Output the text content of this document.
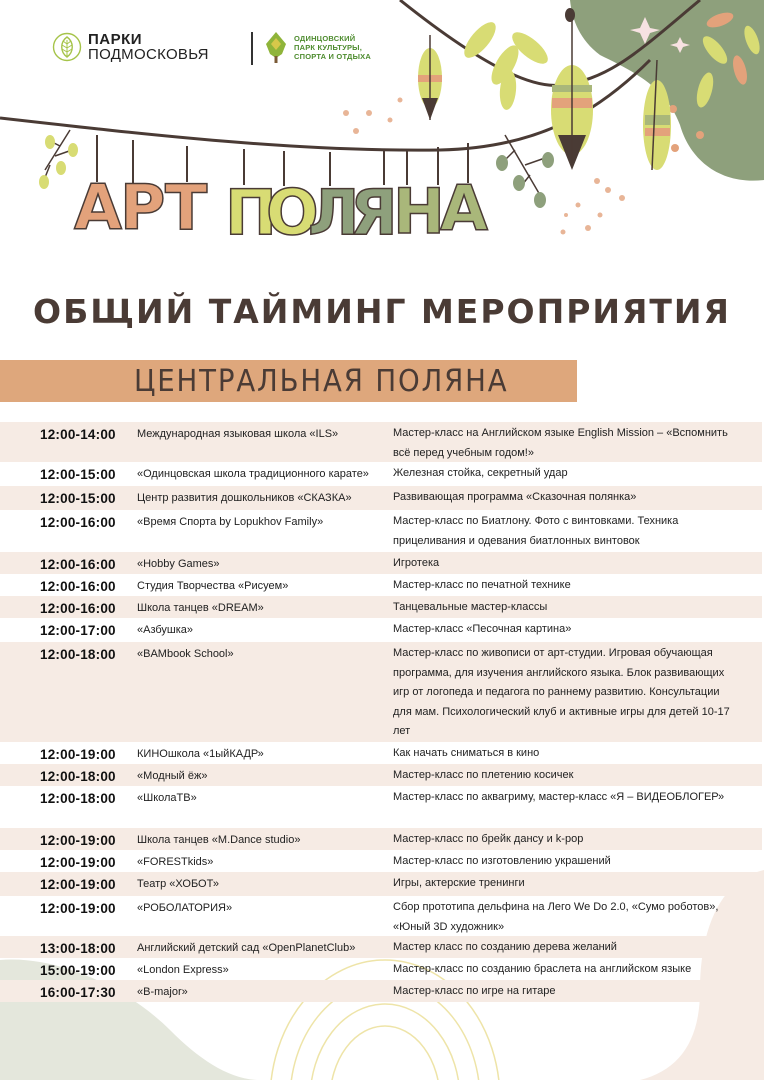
А
Р Т П
О
Л
Я
Н
А
ПАРКИ
ПОДМОСКОВЬЯ
ОДИНЦОВСКИЙ
ПАРК КУЛЬТУРЫ,
СПОРТА И ОТДЫХА
ОБЩИЙ ТАЙМИНГ МЕРОПРИЯТИЯ
ЦЕНТРАЛЬНАЯ ПОЛЯНА
12:00-14:00 Международная языковая школа «ILS»	Мастер-класс на Английском языке English Mission – «Вспомнить всё перед учебным годом!»
12:00-15:00 «Одинцовская школа традиционного карате» Железная стойка, секретный удар
12:00-15:00 Центр развития дошкольников «СКАЗКА»	Развивающая программа «Сказочная полянка»
12:00-16:00 «Время Спорта by Lopukhov Family»	Мастер-класс по Биатлону. Фото с винтовками. Техника прицеливания и одевания биатлонных винтовок
12:00-16:00 «Hobby Games»	Игротека
12:00-16:00 Студия Творчества «Рисуем»	Мастер-класс по печатной технике
12:00-16:00 Школа танцев «DREAM»	Танцевальные мастер-классы
12:00-17:00 «Азбушка»	Мастер-класс «Песочная картина»
12:00-18:00 «BAMbook School»	Мастер-класс по живописи от арт-студии. Игровая обучающая программа, для изучения английского языка. Блок развивающих игр от логопеда и педагога по раннему развитию. Консультации для мам. Психологический клуб и активные игры для детей 10-17 лет
12:00-19:00 КИНОшкола «1ыйКАДР»	Как начать сниматься в кино
12:00-18:00 «Модный ёж»	Мастер-класс по плетению косичек
12:00-18:00 «ШколаТВ»	Мастер-класс по аквагриму, мастер-класс «Я – ВИДЕОБЛОГЕР»
12:00-19:00 Школа танцев «M.Dance studio»	Мастер-класс по брейк дансу и k-pop
12:00-19:00 «FORESTkids»	Мастер-класс по изготовлению украшений
12:00-19:00 Театр «ХОБОТ»	Игры, актерские тренинги
12:00-19:00 «РОБОЛАТОРИЯ»	Сбор прототипа дельфина на Лего We Do 2.0, «Сумо роботов», «Юный 3D художник»
13:00-18:00 Английский детский сад «OpenPlanetClub»	Мастер класс по созданию дерева желаний
15:00-19:00 «London Express»	Мастер-класс по созданию браслета на английском языке
16:00-17:30 «B-major»	Мастер-класс по игре на гитаре
